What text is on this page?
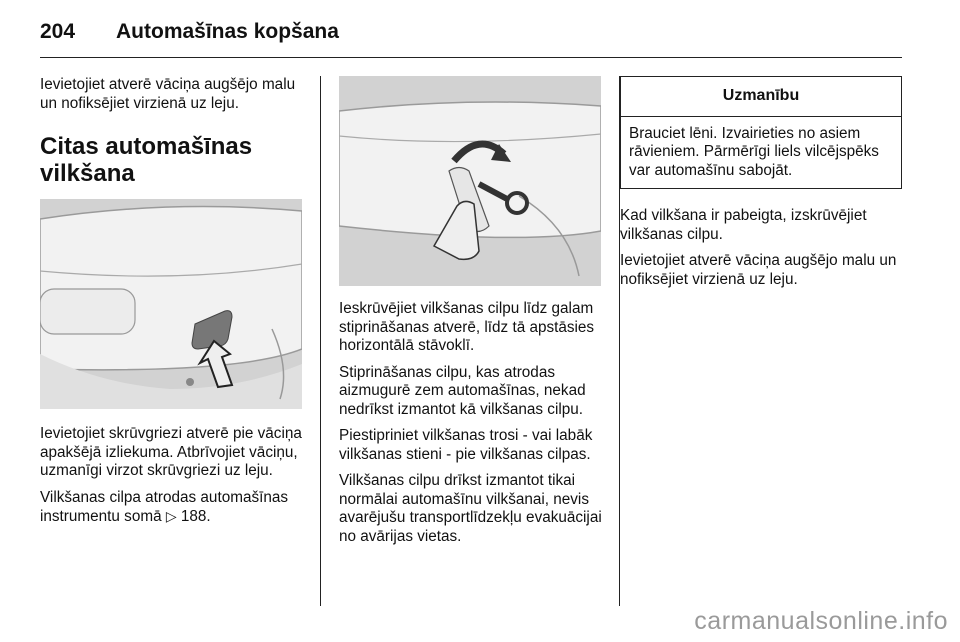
204 Automašīnas kopšana

Ievietojiet atverē vāciņa augšējo malu un nofiksējiet virzienā uz leju.

Citas automašīnas vilkšana

Ievietojiet skrūvgriezi atverē pie vāciņa apakšējā izliekuma. Atbrīvojiet vāciņu, uzmanīgi virzot skrūvgriezi uz leju.

Vilkšanas cilpa atrodas automašīnas instrumentu somā ▷ 188.

Ieskrūvējiet vilkšanas cilpu līdz galam stiprināšanas atverē, līdz tā apstāsies horizontālā stāvoklī.

Stiprināšanas cilpu, kas atrodas aizmugurē zem automašīnas, nekad nedrīkst izmantot kā vilkšanas cilpu.

Piestipriniet vilkšanas trosi - vai labāk vilkšanas stieni - pie vilkšanas cilpas.

Vilkšanas cilpu drīkst izmantot tikai normālai automašīnu vilkšanai, nevis avarējušu transportlīdzekļu evakuācijai no avārijas vietas.

Uzmanību
Brauciet lēni. Izvairieties no asiem rāvieniem. Pārmērīgi liels vilcējspēks var automašīnu sabojāt.

Kad vilkšana ir pabeigta, izskrūvējiet vilkšanas cilpu.

Ievietojiet atverē vāciņa augšējo malu un nofiksējiet virzienā uz leju.

carmanualsonline.info
